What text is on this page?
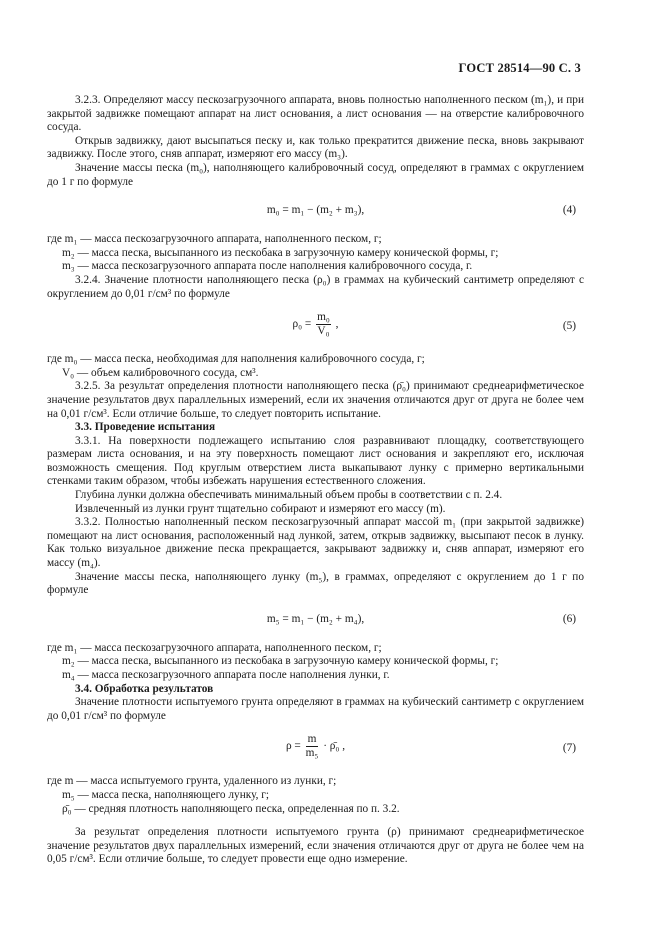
ГОСТ 28514—90 С. 3

3.2.3. Определяют массу пескозагрузочного аппарата, вновь полностью наполненного песком (m₁), и при закрытой задвижке помещают аппарат на лист основания, а лист основания — на отверстие калибровочного сосуда.

Открыв задвижку, дают высыпаться песку и, как только прекратится движение песка, вновь закрывают задвижку. После этого, сняв аппарат, измеряют его массу (m₃).

Значение массы песка (m₀), наполняющего калибровочный сосуд, определяют в граммах с округлением до 1 г по формуле

m₀ = m₁ − (m₂ + m₃),	(4)
где m₁ — масса пескозагрузочного аппарата, наполненного песком, г;
m₂ — масса песка, высыпанного из пескобака в загрузочную камеру конической формы, г;
m₃ — масса пескозагрузочного аппарата после наполнения калибровочного сосуда, г.

3.2.4. Значение плотности наполняющего песка (ρ₀) в граммах на кубический сантиметр определяют с округлением до 0,01 г/см³ по формуле

$\rho_0 = \frac{\text{m₀}}{\text{V₀}}$ ,	(5)
где m₀ — масса песка, необходимая для наполнения калибровочного сосуда, г;
V₀ — объем калибровочного сосуда, см³.

3.2.5. За результат определения плотности наполняющего песка (ρ̄₀) принимают среднеарифметическое значение результатов двух параллельных измерений, если их значения отличаются друг от друга не более чем на 0,01 г/см³. Если отличие больше, то следует повторить испытание.

3.3. Проведение испытания

3.3.1. На поверхности подлежащего испытанию слоя разравнивают площадку, соответствующего размерам листа основания, и на эту поверхность помещают лист основания и закрепляют его, исключая возможность смещения. Под круглым отверстием листа выкапывают лунку с примерно вертикальными стенками таким образом, чтобы избежать нарушения естественного сложения.

Глубина лунки должна обеспечивать минимальный объем пробы в соответствии с п. 2.4.

Извлеченный из лунки грунт тщательно собирают и измеряют его массу (m).

3.3.2. Полностью наполненный песком пескозагрузочный аппарат массой m₁ (при закрытой задвижке) помещают на лист основания, расположенный над лункой, затем, открыв задвижку, высыпают песок в лунку. Как только визуальное движение песка прекращается, закрывают задвижку и, сняв аппарат, измеряют его массу (m₄).

Значение массы песка, наполняющего лунку (m₅), в граммах, определяют с округлением до 1 г по формуле

m₅ = m₁ − (m₂ + m₄),	(6)
где m₁ — масса пескозагрузочного аппарата, наполненного песком, г;
m₂ — масса песка, высыпанного из пескобака в загрузочную камеру конической формы, г;
m₄ — масса пескозагрузочного аппарата после наполнения лунки, г.

3.4. Обработка результатов

Значение плотности испытуемого грунта определяют в граммах на кубический сантиметр с округлением до 0,01 г/см³ по формуле

$\rho = \frac{m}{\text{m₅}}$ · ρ̄₀ ,	(7)
где m — масса испытуемого грунта, удаленного из лунки, г;
m₅ — масса песка, наполняющего лунку, г;
ρ̄₀ — средняя плотность наполняющего песка, определенная по п. 3.2.

За результат определения плотности испытуемого грунта (ρ) принимают среднеарифметическое значение результатов двух параллельных измерений, если значения отличаются друг от друга не более чем на 0,05 г/см³. Если отличие больше, то следует провести еще одно измерение.
